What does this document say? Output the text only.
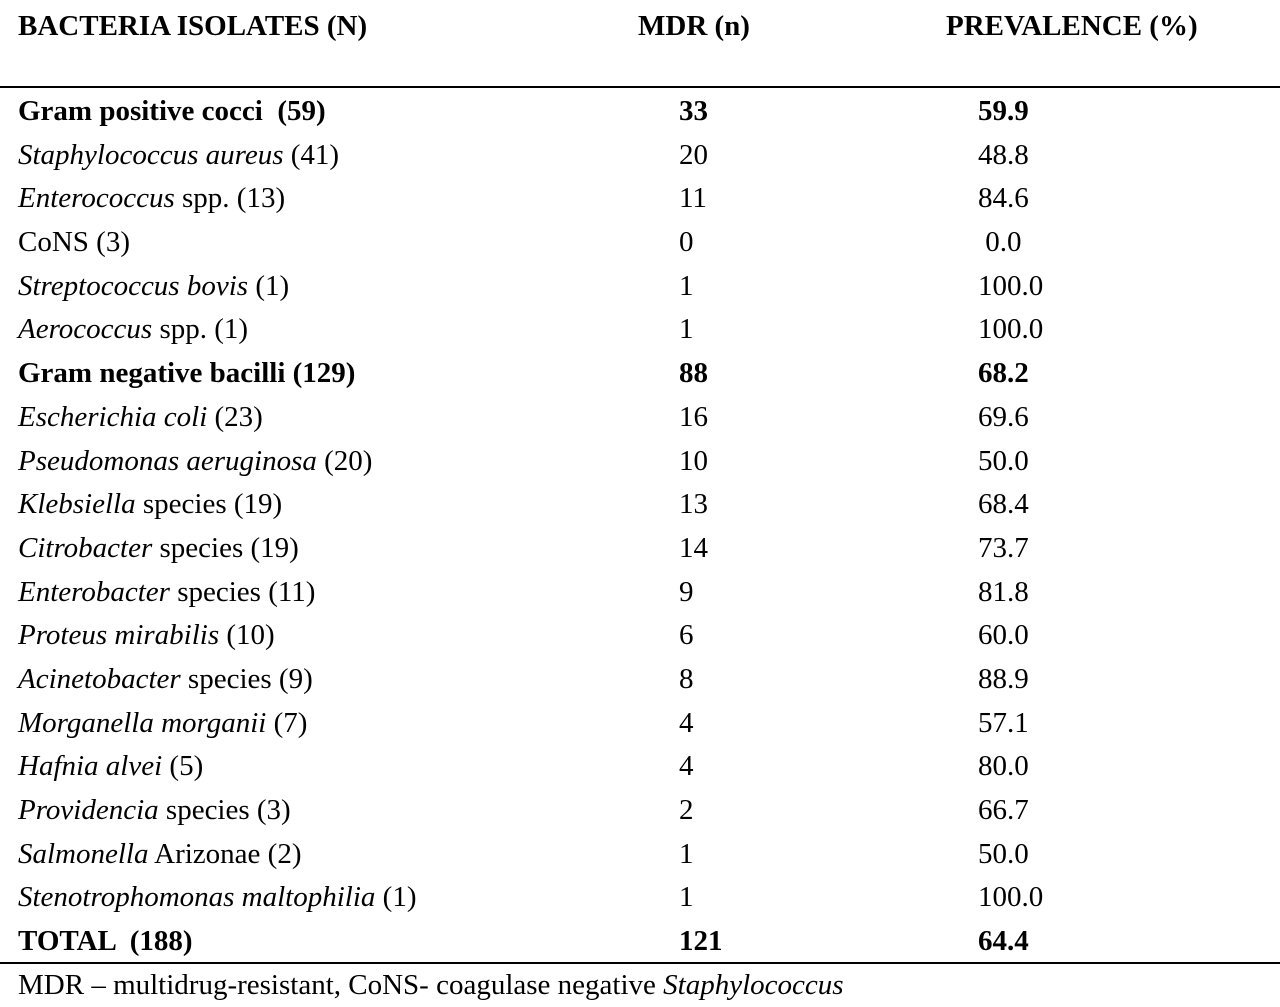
BACTERIA ISOLATES (N)	MDR (n)	PREVALENCE (%)
Gram positive cocci  (59)	33	59.9
Staphylococcus aureus (41)	20	48.8
Enterococcus spp. (13)	11	84.6
CoNS (3)	0	0.0
Streptococcus bovis (1)	1	100.0
Aerococcus spp. (1)	1	100.0
Gram negative bacilli (129)	88	68.2
Escherichia coli (23)	16	69.6
Pseudomonas aeruginosa (20)	10	50.0
Klebsiella species (19)	13	68.4
Citrobacter species (19)	14	73.7
Enterobacter species (11)	9	81.8
Proteus mirabilis (10)	6	60.0
Acinetobacter species (9)	8	88.9
Morganella morganii (7)	4	57.1
Hafnia alvei (5)	4	80.0
Providencia species (3)	2	66.7
Salmonella Arizonae (2)	1	50.0
Stenotrophomonas maltophilia (1)	1	100.0
TOTAL  (188)	121	64.4
MDR – multidrug-resistant, CoNS- coagulase negative Staphylococcus
